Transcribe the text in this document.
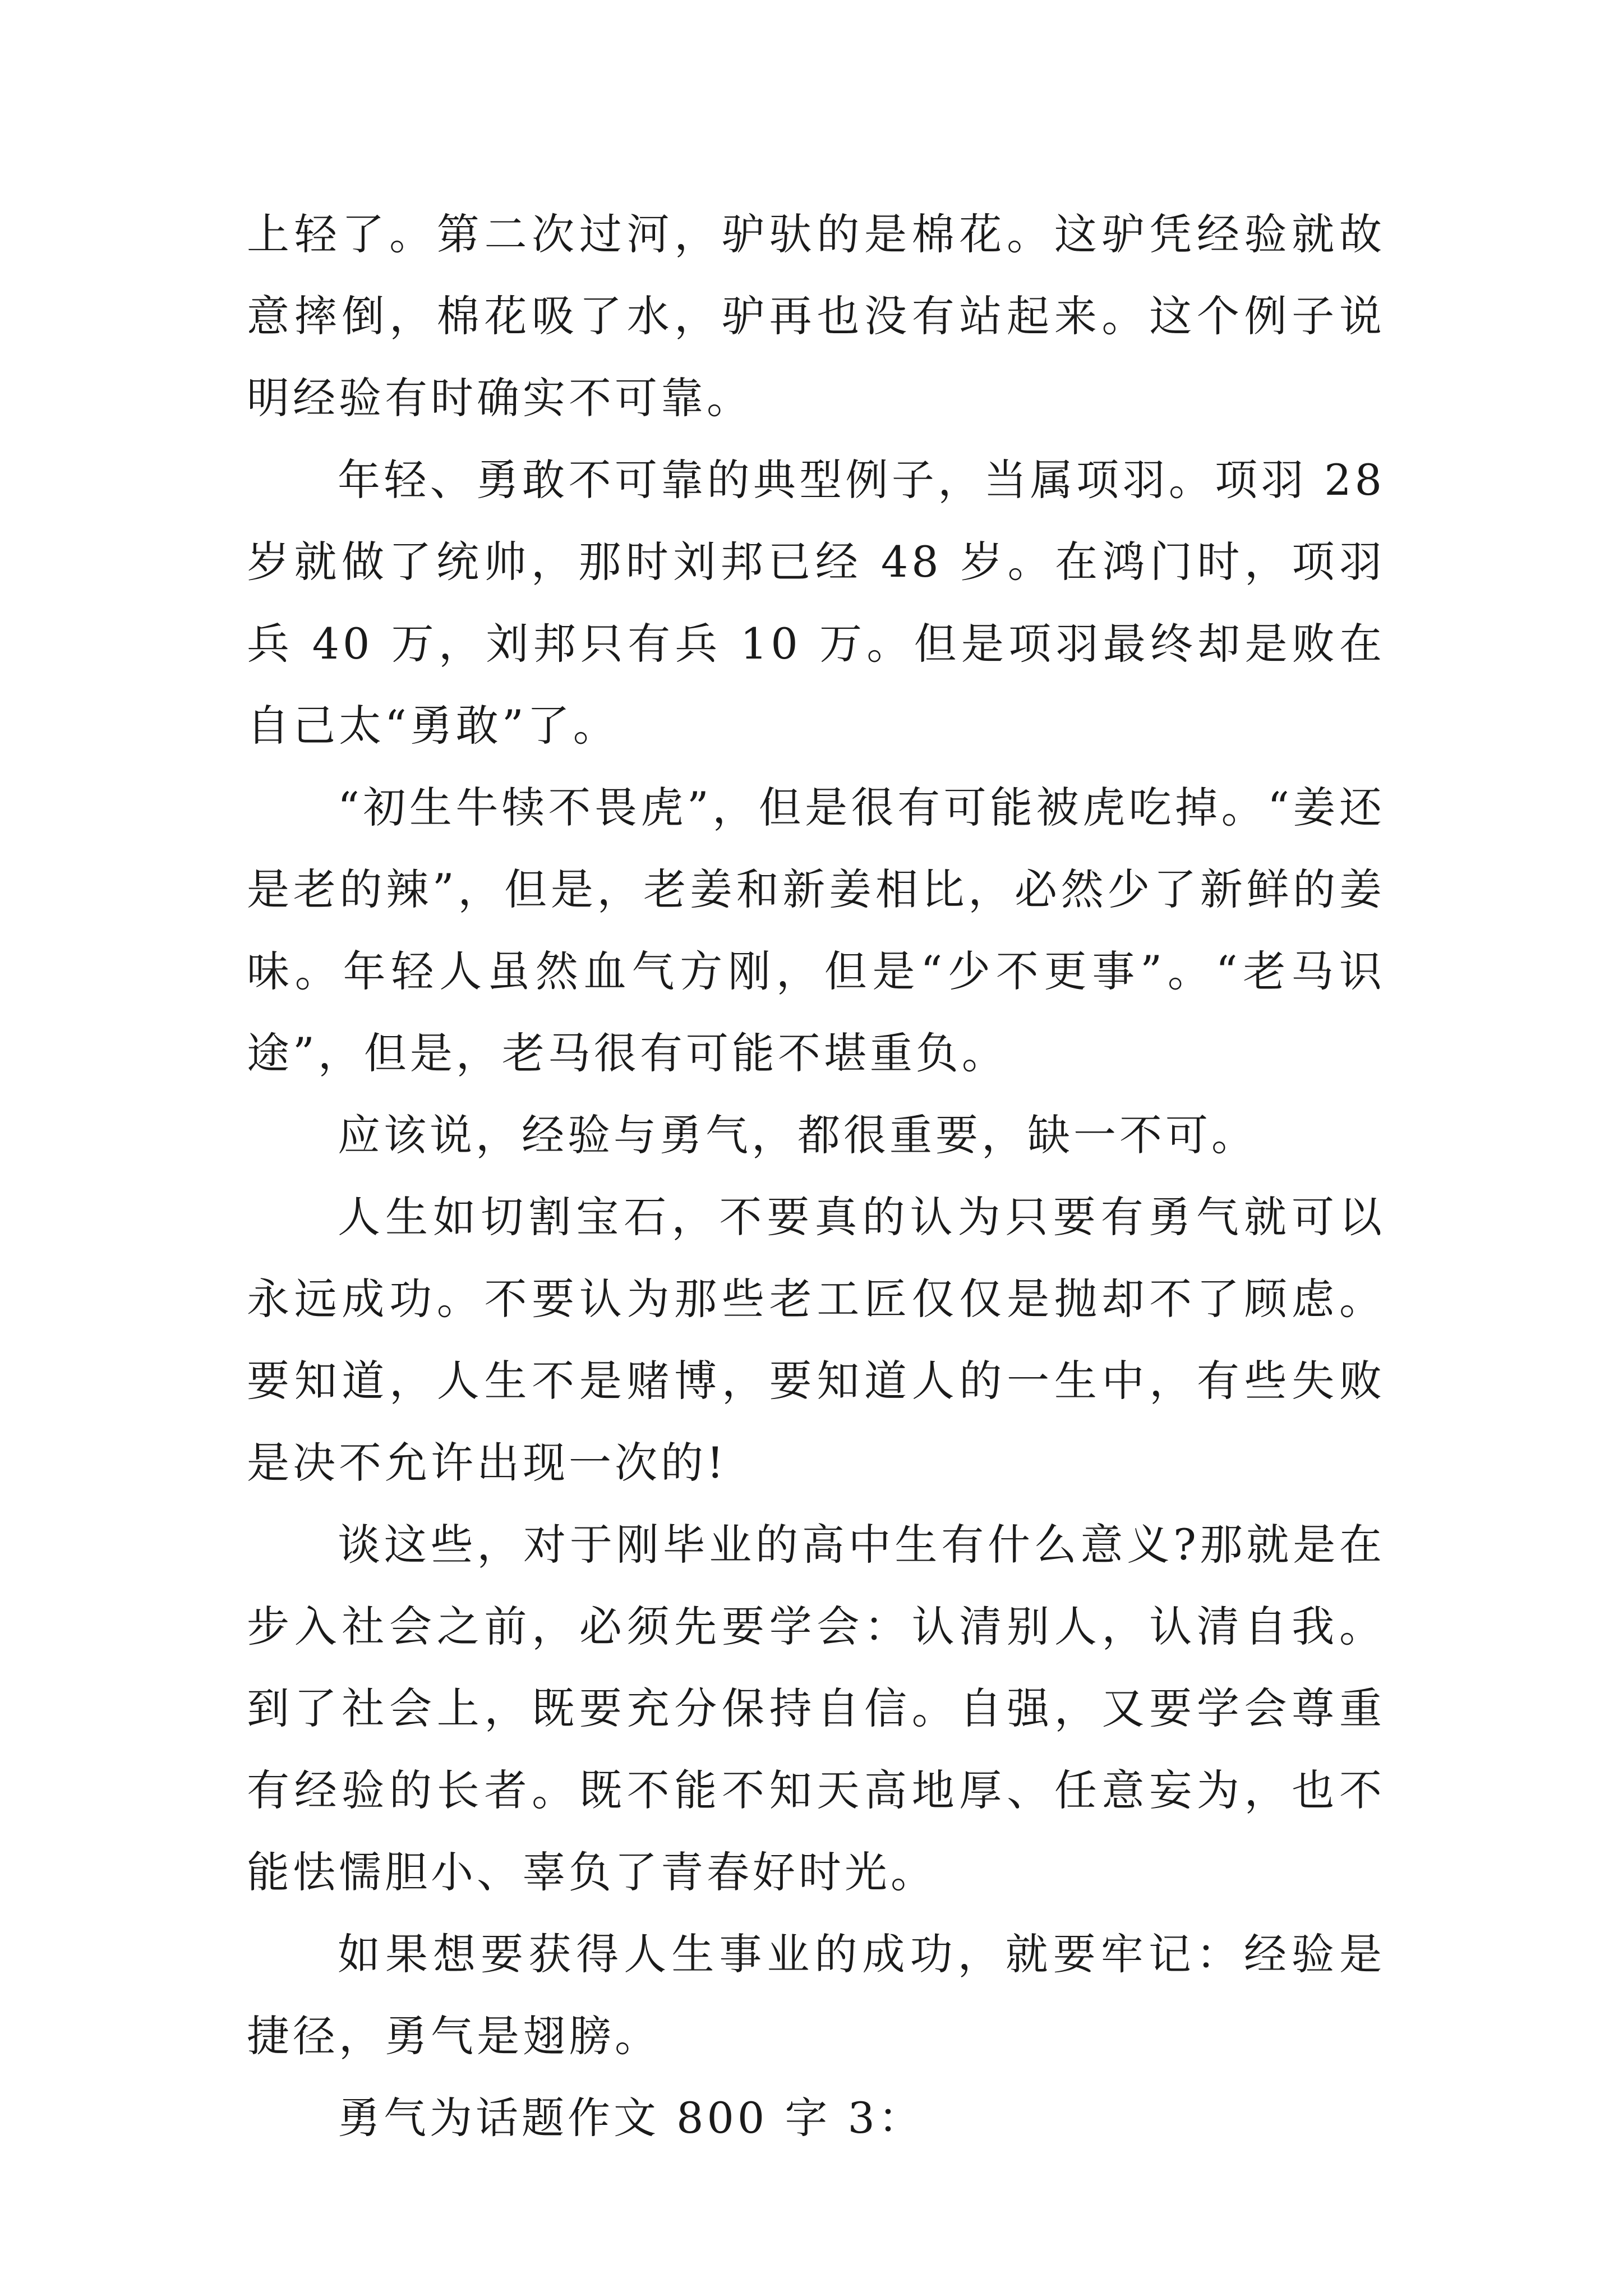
上轻了。第二次过河，驴驮的是棉花。这驴凭经验就故意摔倒，棉花吸了水，驴再也没有站起来。这个例子说明经验有时确实不可靠。

年轻、勇敢不可靠的典型例子，当属项羽。项羽 28 岁就做了统帅，那时刘邦已经 48 岁。在鸿门时，项羽兵 40 万，刘邦只有兵 10 万。但是项羽最终却是败在自己太“勇敢”了。

“初生牛犊不畏虎”，但是很有可能被虎吃掉。“姜还是老的辣”，但是，老姜和新姜相比，必然少了新鲜的姜味。年轻人虽然血气方刚，但是“少不更事”。“老马识途”，但是，老马很有可能不堪重负。

应该说，经验与勇气，都很重要，缺一不可。

人生如切割宝石，不要真的认为只要有勇气就可以永远成功。不要认为那些老工匠仅仅是抛却不了顾虑。要知道，人生不是赌博，要知道人的一生中，有些失败是决不允许出现一次的!

谈这些，对于刚毕业的高中生有什么意义?那就是在步入社会之前，必须先要学会：认清别人，认清自我。到了社会上，既要充分保持自信。自强，又要学会尊重有经验的长者。既不能不知天高地厚、任意妄为，也不能怯懦胆小、辜负了青春好时光。

如果想要获得人生事业的成功，就要牢记：经验是捷径，勇气是翅膀。

勇气为话题作文 800 字 3：
